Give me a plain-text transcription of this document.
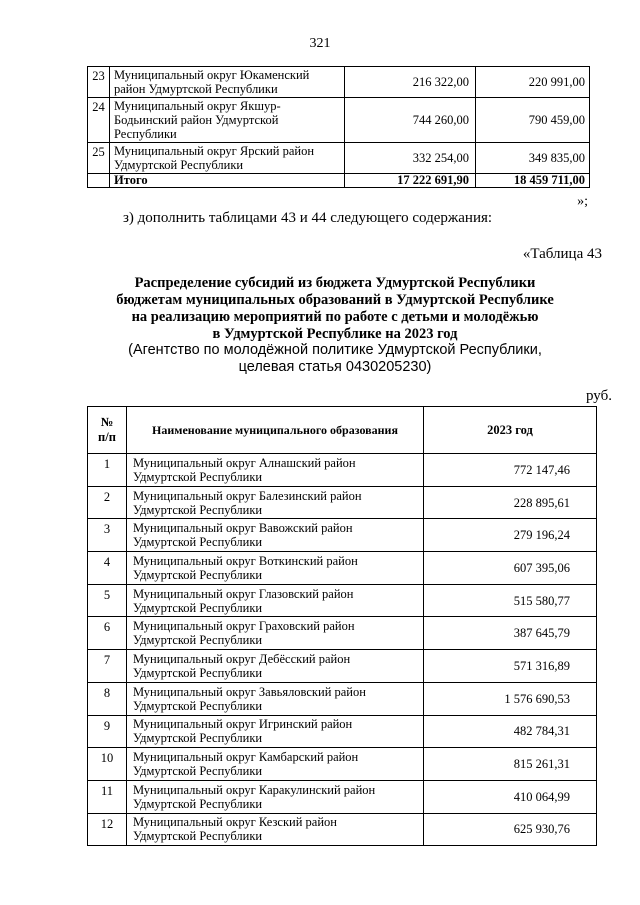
321
23	Муниципальный округ Юкаменский район Удмуртской Республики	216 322,00	220 991,00
24	Муниципальный округ Якшур-Бодьинский район Удмуртской Республики	744 260,00	790 459,00
25	Муниципальный округ Ярский район Удмуртской Республики	332 254,00	349 835,00
	Итого	17 222 691,90	18 459 711,00
»;
з) дополнить таблицами 43 и 44 следующего содержания:
«Таблица 43
Распределение субсидий из бюджета Удмуртской Республики
бюджетам муниципальных образований в Удмуртской Республике
на реализацию мероприятий по работе с детьми и молодёжью
в Удмуртской Республике на 2023 год
(Агентство по молодёжной политике Удмуртской Республики,
целевая статья 0430205230)
руб.
№
п/п	Наименование муниципального образования	2023 год
1	Муниципальный округ Алнашский район
Удмуртской Республики	772 147,46
2	Муниципальный округ Балезинский район
Удмуртской Республики	228 895,61
3	Муниципальный округ Вавожский район
Удмуртской Республики	279 196,24
4	Муниципальный округ Воткинский район
Удмуртской Республики	607 395,06
5	Муниципальный округ Глазовский район
Удмуртской Республики	515 580,77
6	Муниципальный округ Граховский район
Удмуртской Республики	387 645,79
7	Муниципальный округ Дебёсский район
Удмуртской Республики	571 316,89
8	Муниципальный округ Завьяловский район
Удмуртской Республики	1 576 690,53
9	Муниципальный округ Игринский район
Удмуртской Республики	482 784,31
10	Муниципальный округ Камбарский район
Удмуртской Республики	815 261,31
11	Муниципальный округ Каракулинский район
Удмуртской Республики	410 064,99
12	Муниципальный округ Кезский район
Удмуртской Республики	625 930,76
